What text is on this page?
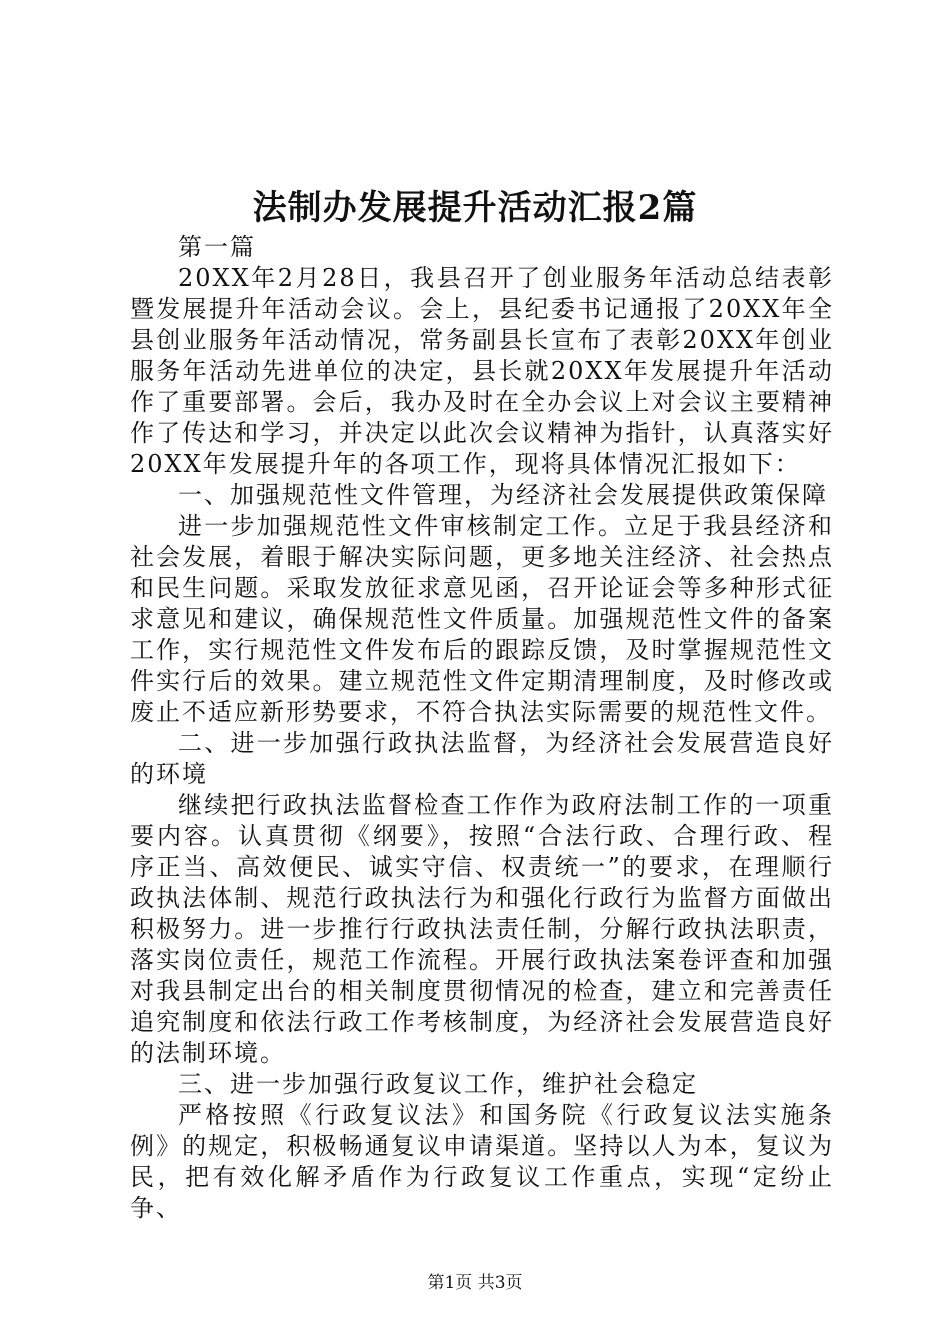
法制办发展提升活动汇报2篇

第一篇

20XX年2月28日，我县召开了创业服务年活动总结表彰暨发展提升年活动会议。会上，县纪委书记通报了20XX年全县创业服务年活动情况，常务副县长宣布了表彰20XX年创业服务年活动先进单位的决定，县长就20XX年发展提升年活动作了重要部署。会后，我办及时在全办会议上对会议主要精神作了传达和学习，并决定以此次会议精神为指针，认真落实好20XX年发展提升年的各项工作，现将具体情况汇报如下：

一、加强规范性文件管理，为经济社会发展提供政策保障

进一步加强规范性文件审核制定工作。立足于我县经济和社会发展，着眼于解决实际问题，更多地关注经济、社会热点和民生问题。采取发放征求意见函，召开论证会等多种形式征求意见和建议，确保规范性文件质量。加强规范性文件的备案工作，实行规范性文件发布后的跟踪反馈，及时掌握规范性文件实行后的效果。建立规范性文件定期清理制度，及时修改或废止不适应新形势要求，不符合执法实际需要的规范性文件。

二、进一步加强行政执法监督，为经济社会发展营造良好的环境

继续把行政执法监督检查工作作为政府法制工作的一项重要内容。认真贯彻《纲要》，按照“合法行政、合理行政、程序正当、高效便民、诚实守信、权责统一”的要求，在理顺行政执法体制、规范行政执法行为和强化行政行为监督方面做出积极努力。进一步推行行政执法责任制，分解行政执法职责，落实岗位责任，规范工作流程。开展行政执法案卷评查和加强对我县制定出台的相关制度贯彻情况的检查，建立和完善责任追究制度和依法行政工作考核制度，为经济社会发展营造良好的法制环境。

三、进一步加强行政复议工作，维护社会稳定

严格按照《行政复议法》和国务院《行政复议法实施条例》的规定，积极畅通复议申请渠道。坚持以人为本，复议为民，把有效化解矛盾作为行政复议工作重点，实现“定纷止争、

第1页 共3页
